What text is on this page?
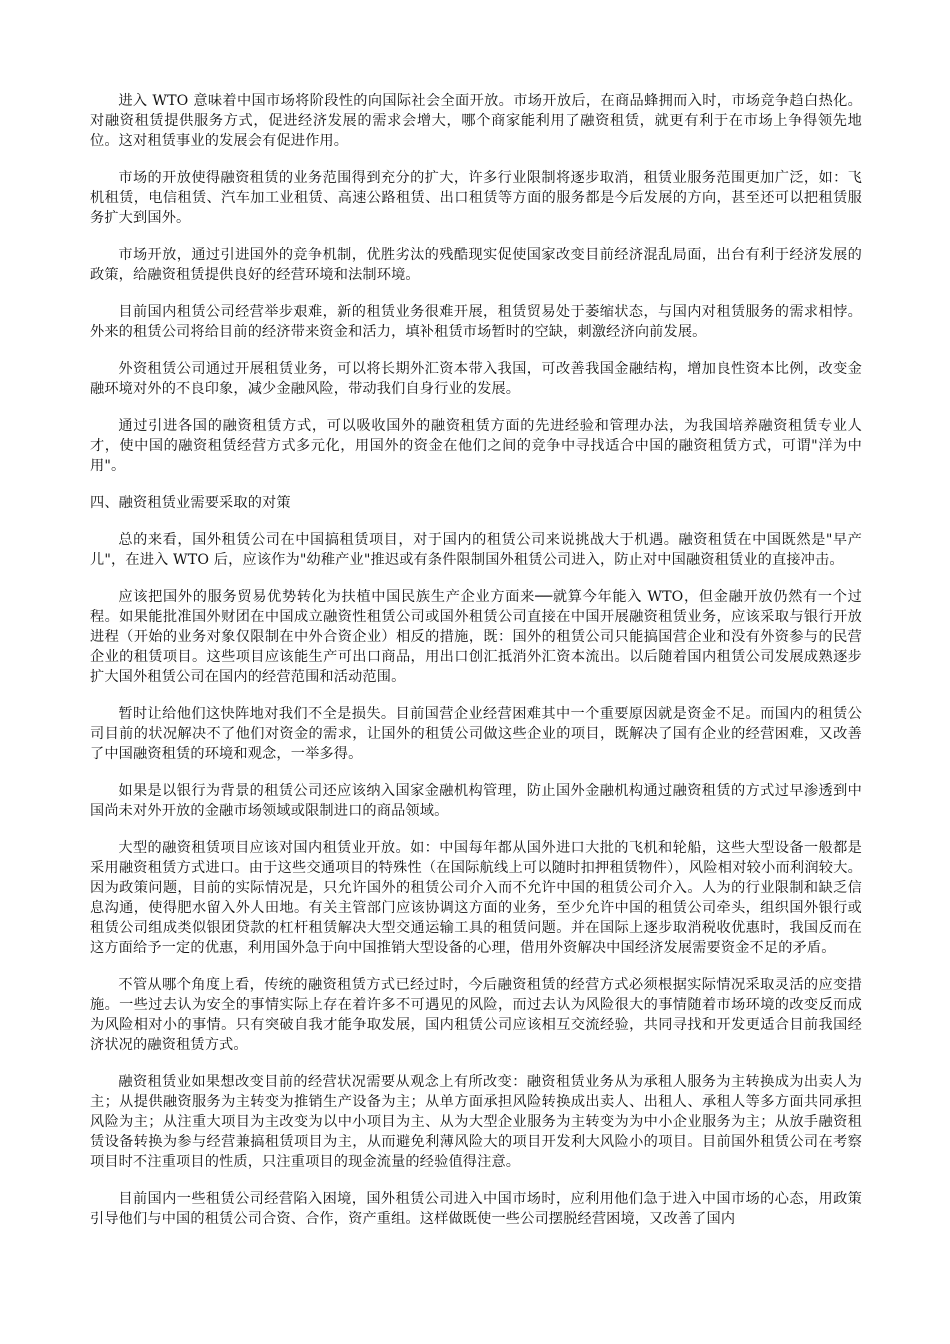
进入 WTO 意味着中国市场将阶段性的向国际社会全面开放。市场开放后，在商品蜂拥而入时，市场竞争趋白热化。对融资租赁提供服务方式，促进经济发展的需求会增大，哪个商家能利用了融资租赁，就更有利于在市场上争得领先地位。这对租赁事业的发展会有促进作用。

市场的开放使得融资租赁的业务范围得到充分的扩大，许多行业限制将逐步取消，租赁业服务范围更加广泛，如：飞机租赁，电信租赁、汽车加工业租赁、高速公路租赁、出口租赁等方面的服务都是今后发展的方向，甚至还可以把租赁服务扩大到国外。

市场开放，通过引进国外的竞争机制，优胜劣汰的残酷现实促使国家改变目前经济混乱局面，出台有利于经济发展的政策，给融资租赁提供良好的经营环境和法制环境。

目前国内租赁公司经营举步艰难，新的租赁业务很难开展，租赁贸易处于萎缩状态，与国内对租赁服务的需求相悖。外来的租赁公司将给目前的经济带来资金和活力，填补租赁市场暂时的空缺，刺激经济向前发展。

外资租赁公司通过开展租赁业务，可以将长期外汇资本带入我国，可改善我国金融结构，增加良性资本比例，改变金融环境对外的不良印象，减少金融风险，带动我们自身行业的发展。

通过引进各国的融资租赁方式，可以吸收国外的融资租赁方面的先进经验和管理办法，为我国培养融资租赁专业人才，使中国的融资租赁经营方式多元化，用国外的资金在他们之间的竞争中寻找适合中国的融资租赁方式，可谓"洋为中用"。

四、融资租赁业需要采取的对策

总的来看，国外租赁公司在中国搞租赁项目，对于国内的租赁公司来说挑战大于机遇。融资租赁在中国既然是"早产儿"，在进入 WTO 后，应该作为"幼稚产业"推迟或有条件限制国外租赁公司进入，防止对中国融资租赁业的直接冲击。

应该把国外的服务贸易优势转化为扶植中国民族生产企业方面来──就算今年能入 WTO，但金融开放仍然有一个过程。如果能批准国外财团在中国成立融资性租赁公司或国外租赁公司直接在中国开展融资租赁业务，应该采取与银行开放进程（开始的业务对象仅限制在中外合资企业）相反的措施，既：国外的租赁公司只能搞国营企业和没有外资参与的民营企业的租赁项目。这些项目应该能生产可出口商品，用出口创汇抵消外汇资本流出。以后随着国内租赁公司发展成熟逐步扩大国外租赁公司在国内的经营范围和活动范围。

暂时让给他们这快阵地对我们不全是损失。目前国营企业经营困难其中一个重要原因就是资金不足。而国内的租赁公司目前的状况解决不了他们对资金的需求，让国外的租赁公司做这些企业的项目，既解决了国有企业的经营困难，又改善了中国融资租赁的环境和观念，一举多得。

如果是以银行为背景的租赁公司还应该纳入国家金融机构管理，防止国外金融机构通过融资租赁的方式过早渗透到中国尚未对外开放的金融市场领域或限制进口的商品领域。

大型的融资租赁项目应该对国内租赁业开放。如：中国每年都从国外进口大批的飞机和轮船，这些大型设备一般都是采用融资租赁方式进口。由于这些交通项目的特殊性（在国际航线上可以随时扣押租赁物件），风险相对较小而利润较大。因为政策问题，目前的实际情况是，只允许国外的租赁公司介入而不允许中国的租赁公司介入。人为的行业限制和缺乏信息沟通，使得肥水留入外人田地。有关主管部门应该协调这方面的业务，至少允许中国的租赁公司牵头，组织国外银行或租赁公司组成类似银团贷款的杠杆租赁解决大型交通运输工具的租赁问题。并在国际上逐步取消税收优惠时，我国反而在这方面给予一定的优惠，利用国外急于向中国推销大型设备的心理，借用外资解决中国经济发展需要资金不足的矛盾。

不管从哪个角度上看，传统的融资租赁方式已经过时，今后融资租赁的经营方式必须根据实际情况采取灵活的应变措施。一些过去认为安全的事情实际上存在着许多不可遇见的风险，而过去认为风险很大的事情随着市场环境的改变反而成为风险相对小的事情。只有突破自我才能争取发展，国内租赁公司应该相互交流经验，共同寻找和开发更适合目前我国经济状况的融资租赁方式。

融资租赁业如果想改变目前的经营状况需要从观念上有所改变：融资租赁业务从为承租人服务为主转换成为出卖人为主；从提供融资服务为主转变为推销生产设备为主；从单方面承担风险转换成出卖人、出租人、承租人等多方面共同承担风险为主；从注重大项目为主改变为以中小项目为主、从为大型企业服务为主转变为为中小企业服务为主；从放手融资租赁设备转换为参与经营兼搞租赁项目为主，从而避免利薄风险大的项目开发利大风险小的项目。目前国外租赁公司在考察项目时不注重项目的性质，只注重项目的现金流量的经验值得注意。

目前国内一些租赁公司经营陷入困境，国外租赁公司进入中国市场时，应利用他们急于进入中国市场的心态，用政策引导他们与中国的租赁公司合资、合作，资产重组。这样做既使一些公司摆脱经营困境，又改善了国内
